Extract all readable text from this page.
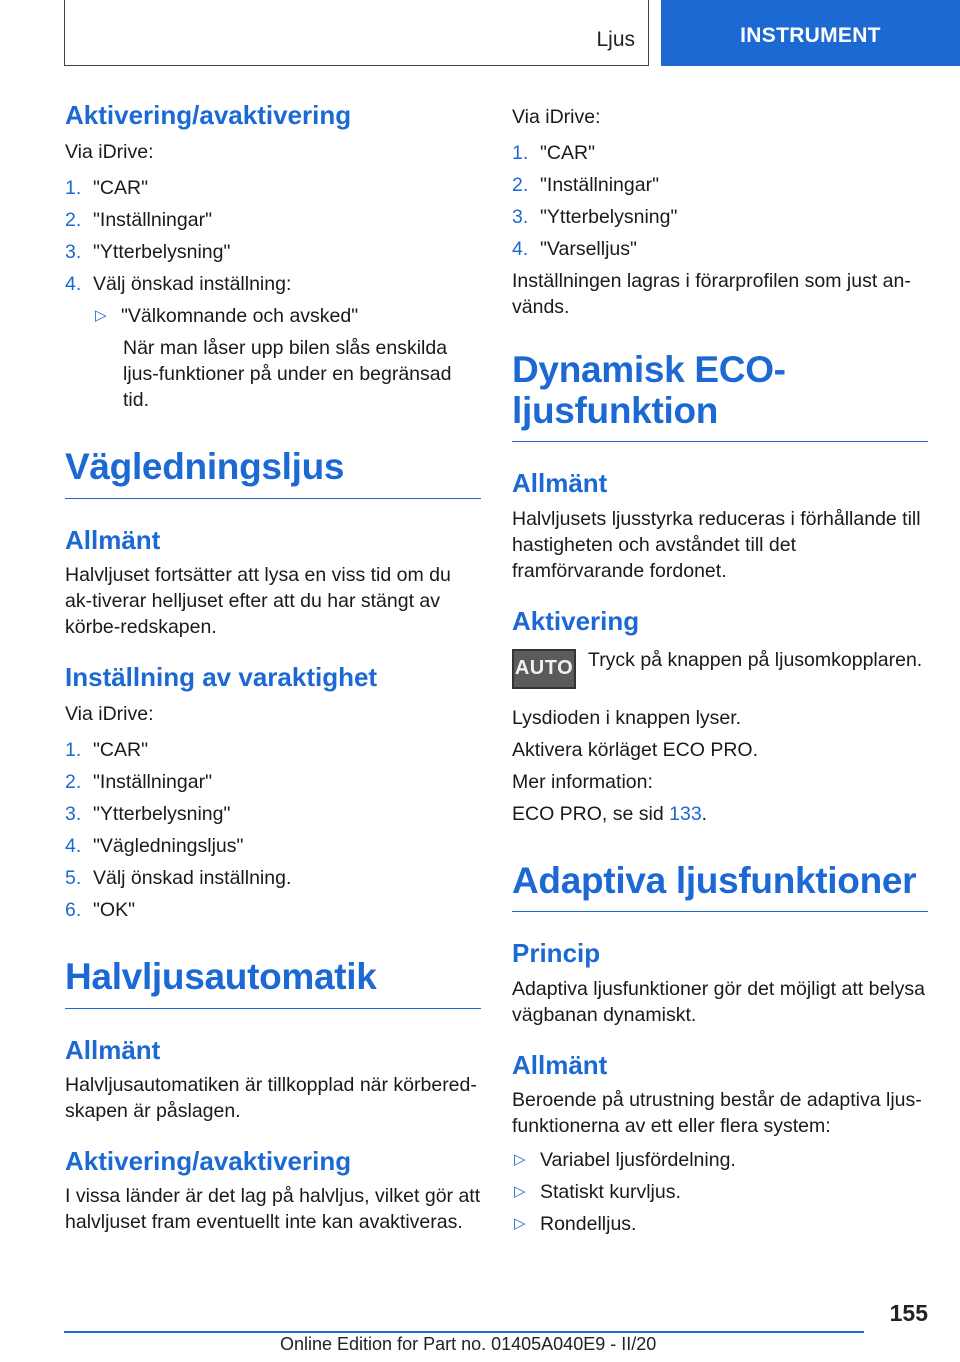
Ljus	INSTRUMENT
Aktivering/avaktivering

Via iDrive:

1. "CAR"
2. "Inställningar"
3. "Ytterbelysning"
4. Välj önskad inställning:
▷ "Välkomnande och avsked"
När man låser upp bilen slås enskilda ljus-funktioner på under en begränsad tid.
Vägledningsljus
Allmänt

Halvljuset fortsätter att lysa en viss tid om du ak-tiverar helljuset efter att du har stängt av körbe-redskapen.

Inställning av varaktighet

Via iDrive:

1. "CAR"
2. "Inställningar"
3. "Ytterbelysning"
4. "Vägledningsljus"
5. Välj önskad inställning.
6. "OK"
Halvljusautomatik
Allmänt

Halvljusautomatiken är tillkopplad när körbered-skapen är påslagen.

Aktivering/avaktivering

I vissa länder är det lag på halvljus, vilket gör att halvljuset fram eventuellt inte kan avaktiveras.

Via iDrive:

1. "CAR"
2. "Inställningar"
3. "Ytterbelysning"
4. "Varselljus"

Inställningen lagras i förarprofilen som just an-vänds.

Dynamisk ECO-ljusfunktion
Allmänt

Halvljusets ljusstyrka reduceras i förhållande till hastigheten och avståndet till det framförvarande fordonet.

Aktivering
AUTO Tryck på knappen på ljusomkopplaren.

Lysdioden i knappen lyser.

Aktivera körläget ECO PRO.

Mer information:

ECO PRO, se sid 133.

Adaptiva ljusfunktioner
Princip

Adaptiva ljusfunktioner gör det möjligt att belysa vägbanan dynamiskt.

Allmänt

Beroende på utrustning består de adaptiva ljus-funktionerna av ett eller flera system:

▷ Variabel ljusfördelning.
▷ Statiskt kurvljus.
▷ Rondelljus.
155
Online Edition for Part no. 01405A040E9 - II/20
